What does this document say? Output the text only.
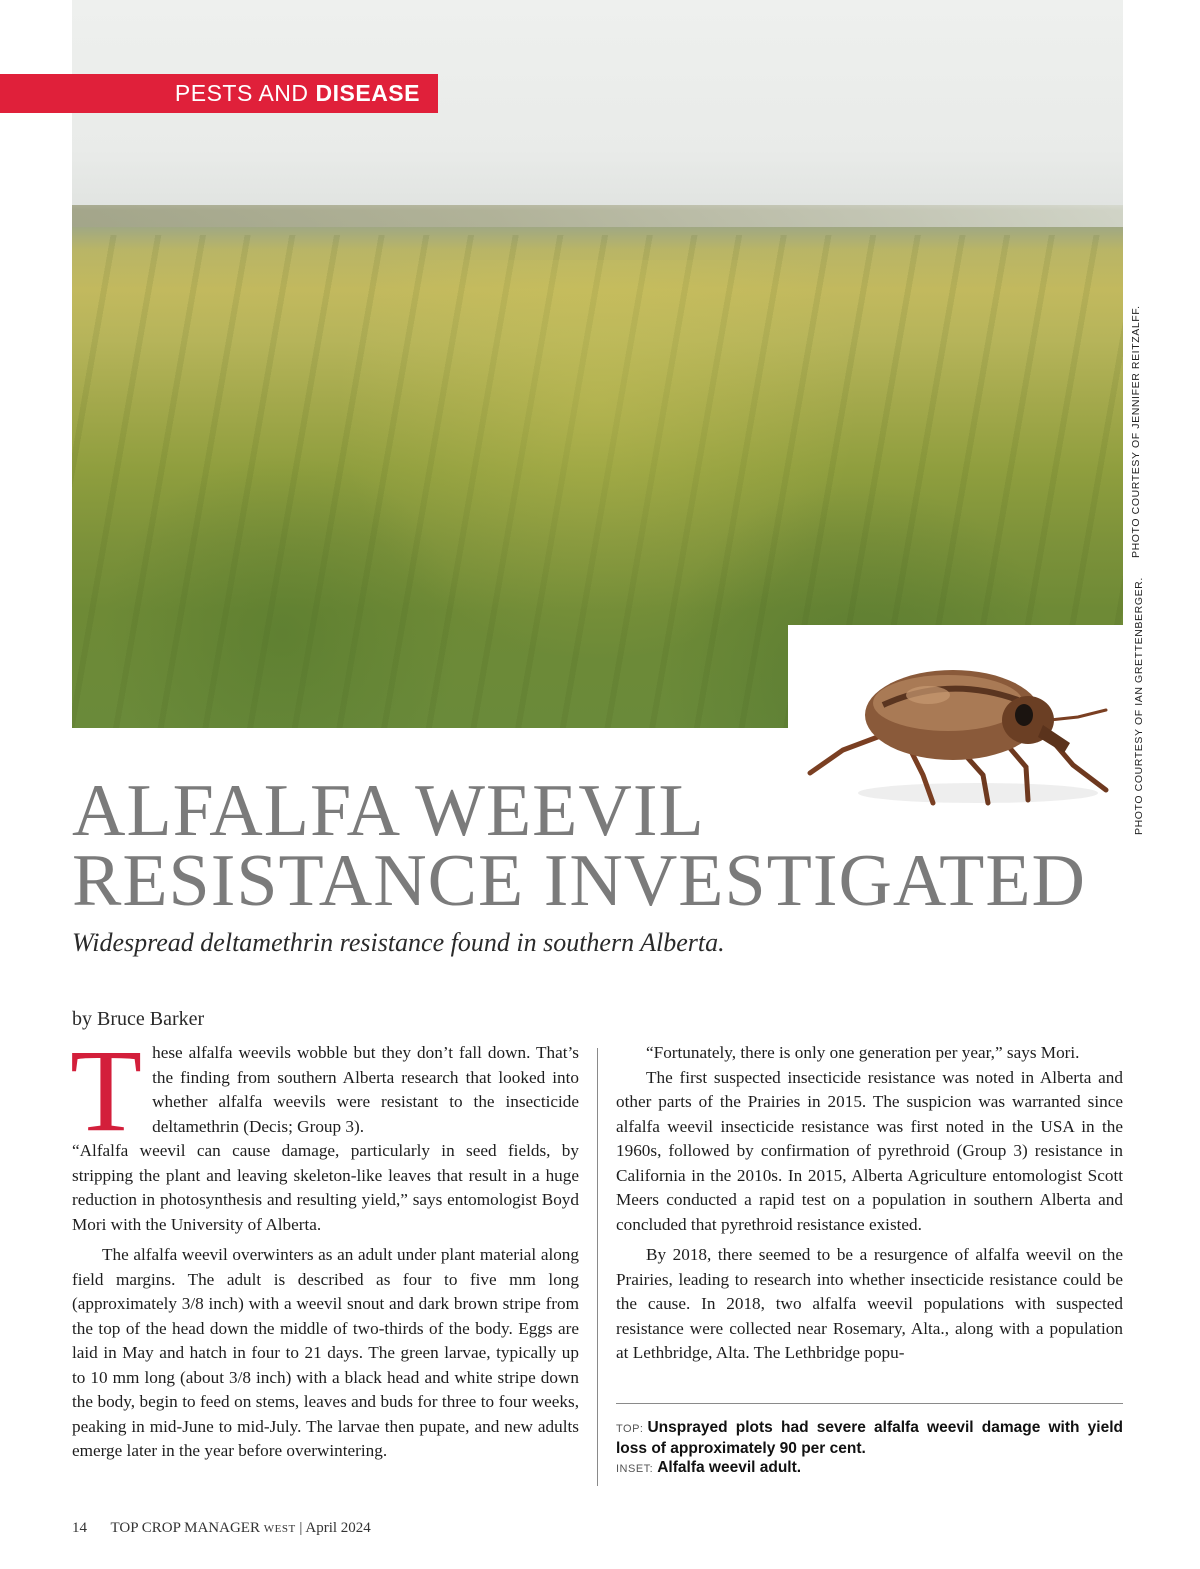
PESTS AND DISEASE
PHOTO COURTESY OF JENNIFER REITZALFF.
PHOTO COURTESY OF IAN GRETTENBERGER.
ALFALFA WEEVIL
RESISTANCE INVESTIGATED

Widespread deltamethrin resistance found in southern Alberta.

by Bruce Barker

These alfalfa weevils wobble but they don’t fall down. That’s the finding from southern Alberta research that looked into whether alfalfa weevils were resistant to the insecticide deltamethrin (Decis; Group 3).

“Alfalfa weevil can cause damage, particularly in seed fields, by stripping the plant and leaving skeleton-like leaves that result in a huge reduction in photosynthesis and resulting yield,” says entomologist Boyd Mori with the University of Alberta.

The alfalfa weevil overwinters as an adult under plant material along field margins. The adult is described as four to five mm long (approximately 3/8 inch) with a weevil snout and dark brown stripe from the top of the head down the middle of two-thirds of the body. Eggs are laid in May and hatch in four to 21 days. The green larvae, typically up to 10 mm long (about 3/8 inch) with a black head and white stripe down the body, begin to feed on stems, leaves and buds for three to four weeks, peaking in mid-June to mid-July. The larvae then pupate, and new adults emerge later in the year before overwintering.

“Fortunately, there is only one generation per year,” says Mori.

The first suspected insecticide resistance was noted in Alberta and other parts of the Prairies in 2015. The suspicion was warranted since alfalfa weevil insecticide resistance was first noted in the USA in the 1960s, followed by confirmation of pyrethroid (Group 3) resistance in California in the 2010s. In 2015, Alberta Agriculture entomologist Scott Meers conducted a rapid test on a population in southern Alberta and concluded that pyrethroid resistance existed.

By 2018, there seemed to be a resurgence of alfalfa weevil on the Prairies, leading to research into whether insecticide resistance could be the cause. In 2018, two alfalfa weevil populations with suspected resistance were collected near Rosemary, Alta., along with a population at Lethbridge, Alta. The Lethbridge popu-

TOP: Unsprayed plots had severe alfalfa weevil damage with yield loss of approximately 90 per cent.
INSET: Alfalfa weevil adult.
14 TOP CROP MANAGER WEST | April 2024
